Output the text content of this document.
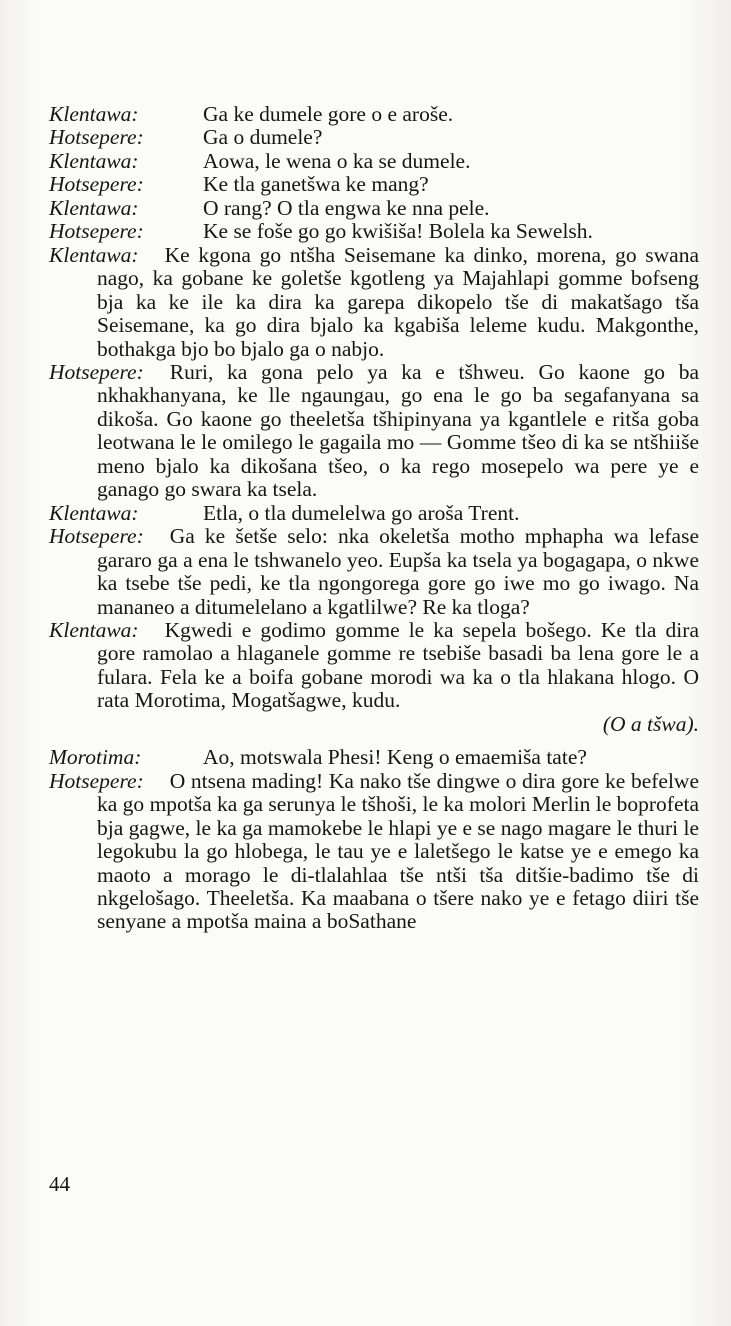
Klentawa:	Ga ke dumele gore o e aroše.
Hotsepere:	Ga o dumele?
Klentawa:	Aowa, le wena o ka se dumele.
Hotsepere:	Ke tla ganetšwa ke mang?
Klentawa:	O rang? O tla engwa ke nna pele.
Hotsepere:	Ke se foše go go kwišiša! Bolela ka Sewelsh.

Klentawa: Ke kgona go ntšha Seisemane ka dinko, morena, go swana nago, ka gobane ke goletše kgotleng ya Majahlapi gomme bofseng bja ka ke ile ka dira ka garepa dikopelo tše di makatšago tša Seisemane, ka go dira bjalo ka kgabiša leleme kudu. Makgonthe, bothakga bjo bo bjalo ga o nabjo.

Hotsepere: Ruri, ka gona pelo ya ka e tšhweu. Go kaone go ba nkhakhanyana, ke lle ngaungau, go ena le go ba segafanyana sa dikoša. Go kaone go theeletša tšhipinyana ya kgantlele e ritša goba leotwana le le omilego le gagaila mo — Gomme tšeo di ka se ntšhiiše meno bjalo ka dikošana tšeo, o ka rego mosepelo wa pere ye e ganago go swara ka tsela.

Klentawa:	Etla, o tla dumelelwa go aroša Trent.

Hotsepere: Ga ke šetše selo: nka okeletša motho mphapha wa lefase gararo ga a ena le tshwanelo yeo. Eupša ka tsela ya bogagapa, o nkwe ka tsebe tše pedi, ke tla ngongorega gore go iwe mo go iwago. Na mananeo a ditumelelano a kgatlilwe? Re ka tloga?

Klentawa: Kgwedi e godimo gomme le ka sepela bošego. Ke tla dira gore ramolao a hlaganele gomme re tsebiše basadi ba lena gore le a fulara. Fela ke a boifa gobane morodi wa ka o tla hlakana hlogo. O rata Morotima, Mogatšagwe, kudu.

(O a tšwa).
Morotima:	Ao, motswala Phesi! Keng o emaemiša tate?

Hotsepere: O ntsena mading! Ka nako tše dingwe o dira gore ke befelwe ka go mpotša ka ga serunya le tšhoši, le ka molori Merlin le boprofeta bja gagwe, le ka ga mamokebe le hlapi ye e se nago magare le thuri le legokubu la go hlobega, le tau ye e laletšego le katse ye e emego ka maoto a morago le di-tlalahlaa tše ntši tša ditšie-badimo tše di nkgelošago. Theeletša. Ka maabana o tšere nako ye e fetago diiri tše senyane a mpotša maina a boSathane

44
